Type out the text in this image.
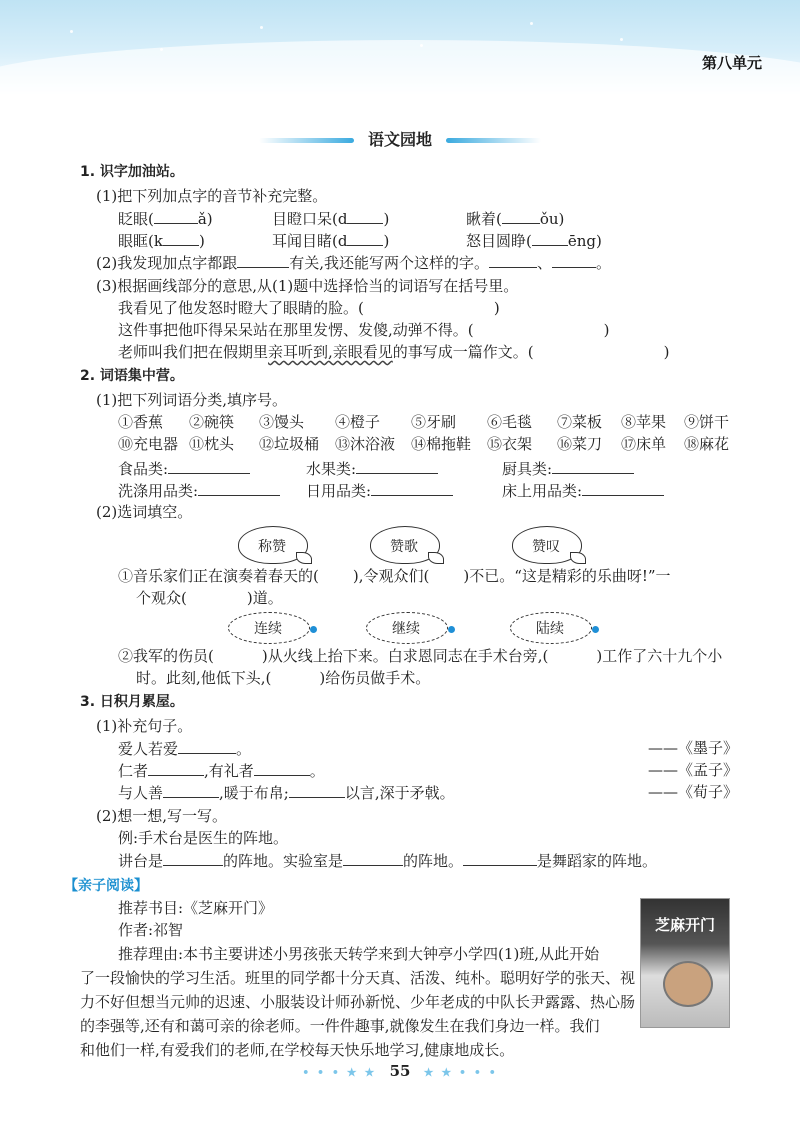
第八单元
语文园地
1. 识字加油站。
(1)把下列加点字的音节补充完整。
眨眼(	ǎ)	目瞪口呆(d )	瞅着(	ǒu)
眼眶(k )	耳闻目睹(d )	怒目圆睁( ēng)
(2)我发现加点字都跟	有关,我还能写两个这样的字。	、	。
(3)根据画线部分的意思,从(1)题中选择恰当的词语写在括号里。
我看见了他发怒时瞪大了眼睛的脸。(	)
这件事把他吓得呆呆站在那里发愣、发傻,动弹不得。(	)
老师叫我们把在假期里亲耳听到,亲眼看见的事写成一篇作文。(	)
2. 词语集中营。
(1)把下列词语分类,填序号。
①香蕉 ②碗筷 ③馒头 ④橙子 ⑤牙刷 ⑥毛毯 ⑦菜板 ⑧苹果 ⑨饼干
⑩充电器 ⑪枕头 ⑫垃圾桶 ⑬沐浴液 ⑭棉拖鞋 ⑮衣架 ⑯菜刀 ⑰床单 ⑱麻花
食品类:	水果类:	厨具类:
洗涤用品类:	日用品类:	床上用品类:
(2)选词填空。
称赞	赞歌	赞叹
①音乐家们正在演奏着春天的( ),令观众们( )不已。“这是精彩的乐曲呀!”一
个观众(	)道。
连续	继续	陆续
②我军的伤员(	)从火线上抬下来。白求恩同志在手术台旁,(	)工作了六十九个小
时。此刻,他低下头,(	)给伤员做手术。
3. 日积月累屋。
(1)补充句子。
爱人若爱	。	——《墨子》
仁者	,有礼者	。	——《孟子》
与人善	,暖于布帛;	以言,深于矛戟。	——《荀子》
(2)想一想,写一写。
例:手术台是医生的阵地。
讲台是	的阵地。实验室是	的阵地。	是舞蹈家的阵地。
【亲子阅读】
推荐书目:《芝麻开门》
作者:祁智
推荐理由:本书主要讲述小男孩张天转学来到大钟亭小学四(1)班,从此开始
了一段愉快的学习生活。班里的同学都十分天真、活泼、纯朴。聪明好学的张天、视
力不好但想当元帅的迟速、小服装设计师孙新悦、少年老成的中队长尹露露、热心肠
的李强等,还有和蔼可亲的徐老师。一件件趣事,就像发生在我们身边一样。我们
和他们一样,有爱我们的老师,在学校每天快乐地学习,健康地成长。
芝麻开门
• • • ★ ★ 55 ★ ★ • • •
